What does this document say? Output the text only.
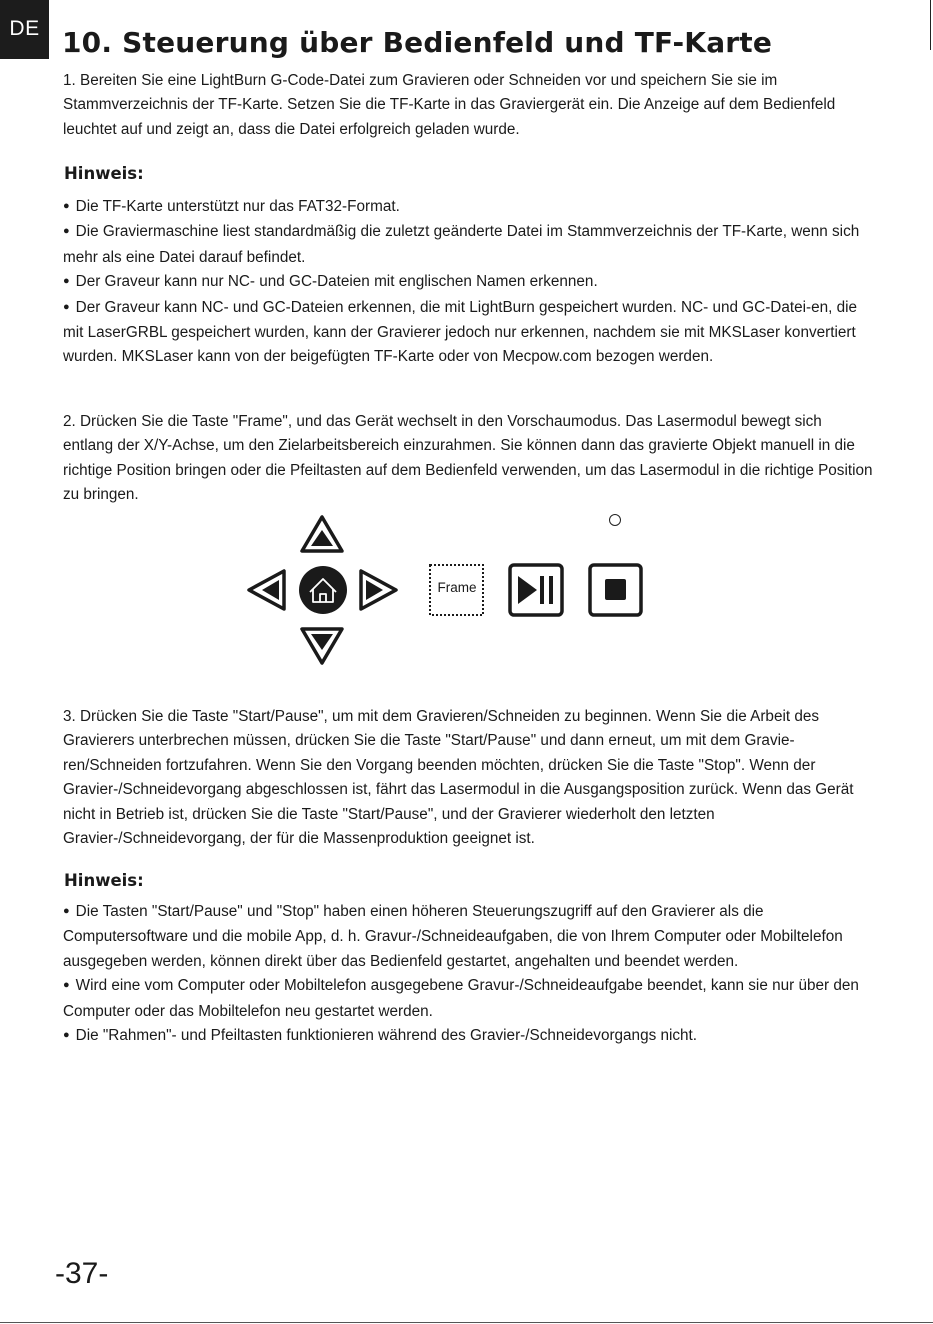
DE 10. Steuerung über Bedienfeld und TF-Karte

1. Bereiten Sie eine LightBurn G-Code-Datei zum Gravieren oder Schneiden vor und speichern Sie sie im Stammverzeichnis der TF-Karte. Setzen Sie die TF-Karte in das Graviergerät ein. Die Anzeige auf dem Bedienfeld leuchtet auf und zeigt an, dass die Datei erfolgreich geladen wurde.

Hinweis:

● Die TF-Karte unterstützt nur das FAT32-Format.

● Die Graviermaschine liest standardmäßig die zuletzt geänderte Datei im Stammverzeichnis der TF-Karte, wenn sich mehr als eine Datei darauf befindet.

● Der Graveur kann nur NC- und GC-Dateien mit englischen Namen erkennen.

● Der Graveur kann NC- und GC-Dateien erkennen, die mit LightBurn gespeichert wurden. NC- und GC-Datei-en, die mit LaserGRBL gespeichert wurden, kann der Gravierer jedoch nur erkennen, nachdem sie mit MKSLaser konvertiert wurden. MKSLaser kann von der beigefügten TF-Karte oder von Mecpow.com bezogen werden.

2. Drücken Sie die Taste "Frame", und das Gerät wechselt in den Vorschaumodus. Das Lasermodul bewegt sich entlang der X/Y-Achse, um den Zielarbeitsbereich einzurahmen. Sie können dann das gravierte Objekt manuell in die richtige Position bringen oder die Pfeiltasten auf dem Bedienfeld verwenden, um das Lasermodul in die richtige Position zu bringen.

Frame

3. Drücken Sie die Taste "Start/Pause", um mit dem Gravieren/Schneiden zu beginnen. Wenn Sie die Arbeit des Gravierers unterbrechen müssen, drücken Sie die Taste "Start/Pause" und dann erneut, um mit dem Gravie-ren/Schneiden fortzufahren. Wenn Sie den Vorgang beenden möchten, drücken Sie die Taste "Stop". Wenn der Gravier-/Schneidevorgang abgeschlossen ist, fährt das Lasermodul in die Ausgangsposition zurück. Wenn das Gerät nicht in Betrieb ist, drücken Sie die Taste "Start/Pause", und der Gravierer wiederholt den letzten Gravier-/Schneidevorgang, der für die Massenproduktion geeignet ist.

Hinweis:

● Die Tasten "Start/Pause" und "Stop" haben einen höheren Steuerungszugriff auf den Gravierer als die Computersoftware und die mobile App, d. h. Gravur-/Schneideaufgaben, die von Ihrem Computer oder Mobiltelefon ausgegeben werden, können direkt über das Bedienfeld gestartet, angehalten und beendet werden.

● Wird eine vom Computer oder Mobiltelefon ausgegebene Gravur-/Schneideaufgabe beendet, kann sie nur über den Computer oder das Mobiltelefon neu gestartet werden.

● Die "Rahmen"- und Pfeiltasten funktionieren während des Gravier-/Schneidevorgangs nicht.

-37-
